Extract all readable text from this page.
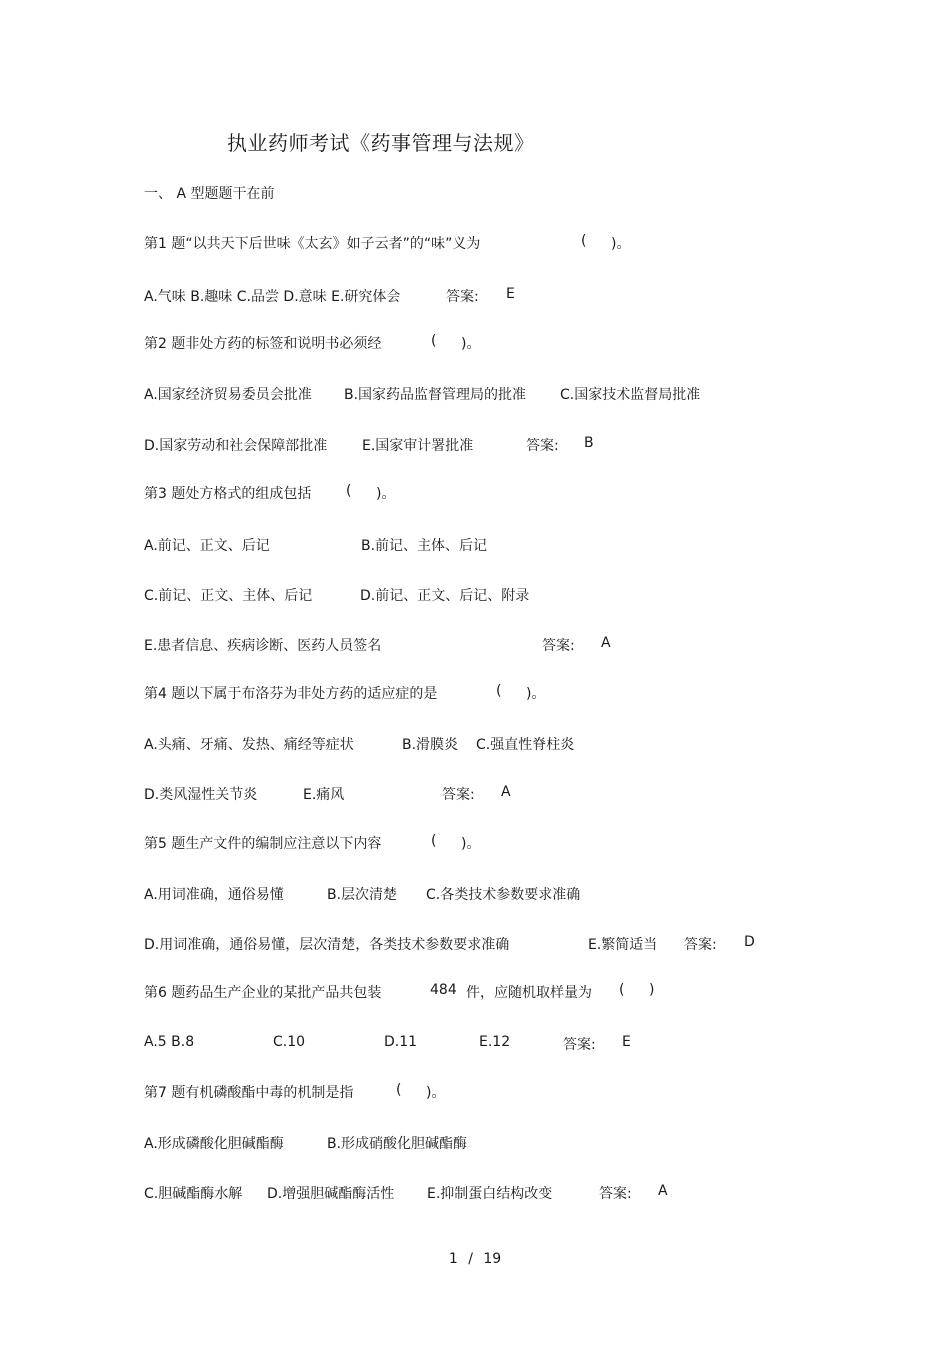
执业药师考试《药事管理与法规》
一、 A 型题题干在前
第1 题“以共天下后世味《太玄》如子云者”的“味”义为	( )。
A.气味 B.趣味 C.品尝 D.意味 E.研究体会	答案: E
第2 题非处方药的标签和说明书必须经	( )。
A.国家经济贸易委员会批准 B.国家药品监督管理局的批准 C.国家技术监督局批准
D.国家劳动和社会保障部批准 E.国家审计署批准	答案: B
第3 题处方格式的组成包括 ( )。
A.前记、正文、后记	B.前记、主体、后记
C.前记、正文、主体、后记	D.前记、正文、后记、附录
E.患者信息、疾病诊断、医药人员签名	答案: A
第4 题以下属于布洛芬为非处方药的适应症的是	( )。
A.头痛、牙痛、发热、痛经等症状	B.滑膜炎 C.强直性脊柱炎
D.类风湿性关节炎	E.痛风	答案: A
第5 题生产文件的编制应注意以下内容	( )。
A.用词准确，通俗易懂	B.层次清楚 C.各类技术参数要求准确
D.用词准确，通俗易懂，层次清楚，各类技术参数要求准确	E.繁简适当 答案: D
第6 题药品生产企业的某批产品共包装	484 件，应随机取样量为 ( )
A.5 B.8	C.10	D.11	E.12	答案: E
第7 题有机磷酸酯中毒的机制是指	( )。
A.形成磷酸化胆碱酯酶	B.形成硝酸化胆碱酯酶
C.胆碱酯酶水解 D.增强胆碱酯酶活性 E.抑制蛋白结构改变	答案: A
1 / 19
